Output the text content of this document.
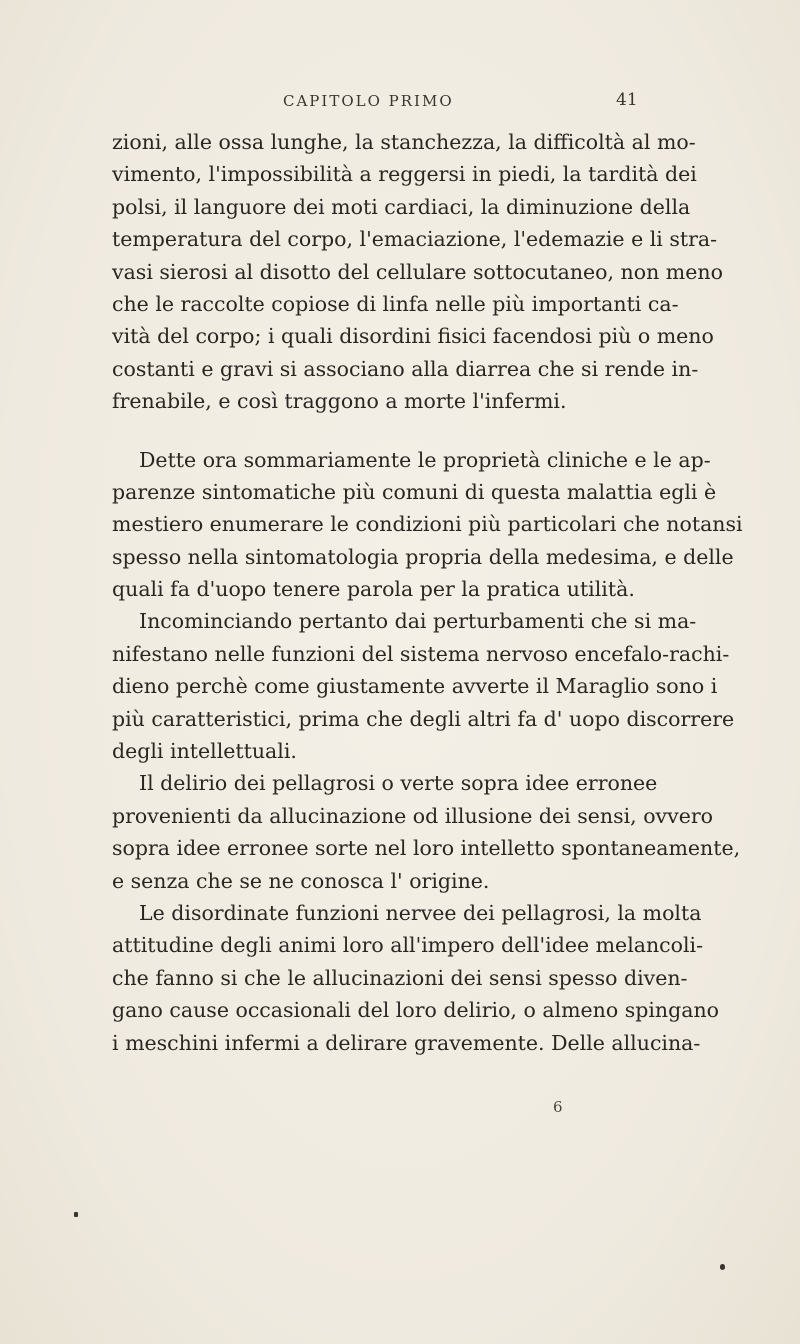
CAPITOLO PRIMO	41
zioni, alle ossa lunghe, la stanchezza, la difficoltà al mo-
vimento, l'impossibilità a reggersi in piedi, la tardità dei
polsi, il languore dei moti cardiaci, la diminuzione della
temperatura del corpo, l'emaciazione, l'edemazie e li stra-
vasi sierosi al disotto del cellulare sottocutaneo, non meno
che le raccolte copiose di linfa nelle più importanti ca-
vità del corpo; i quali disordini fisici facendosi più o meno
costanti e gravi si associano alla diarrea che si rende in-
frenabile, e così traggono a morte l'infermi.
Dette ora sommariamente le proprietà cliniche e le ap-
parenze sintomatiche più comuni di questa malattia egli è
mestiero enumerare le condizioni più particolari che notansi
spesso nella sintomatologia propria della medesima, e delle
quali fa d'uopo tenere parola per la pratica utilità.
Incominciando pertanto dai perturbamenti che si ma-
nifestano nelle funzioni del sistema nervoso encefalo-rachi-
dieno perchè come giustamente avverte il Maraglio sono i
più caratteristici, prima che degli altri fa d' uopo discorrere
degli intellettuali.
Il delirio dei pellagrosi o verte sopra idee erronee
provenienti da allucinazione od illusione dei sensi, ovvero
sopra idee erronee sorte nel loro intelletto spontaneamente,
e senza che se ne conosca l' origine.
Le disordinate funzioni nervee dei pellagrosi, la molta
attitudine degli animi loro all'impero dell'idee melancoli-
che fanno si che le allucinazioni dei sensi spesso diven-
gano cause occasionali del loro delirio, o almeno spingano
i meschini infermi a delirare gravemente. Delle allucina-
6
